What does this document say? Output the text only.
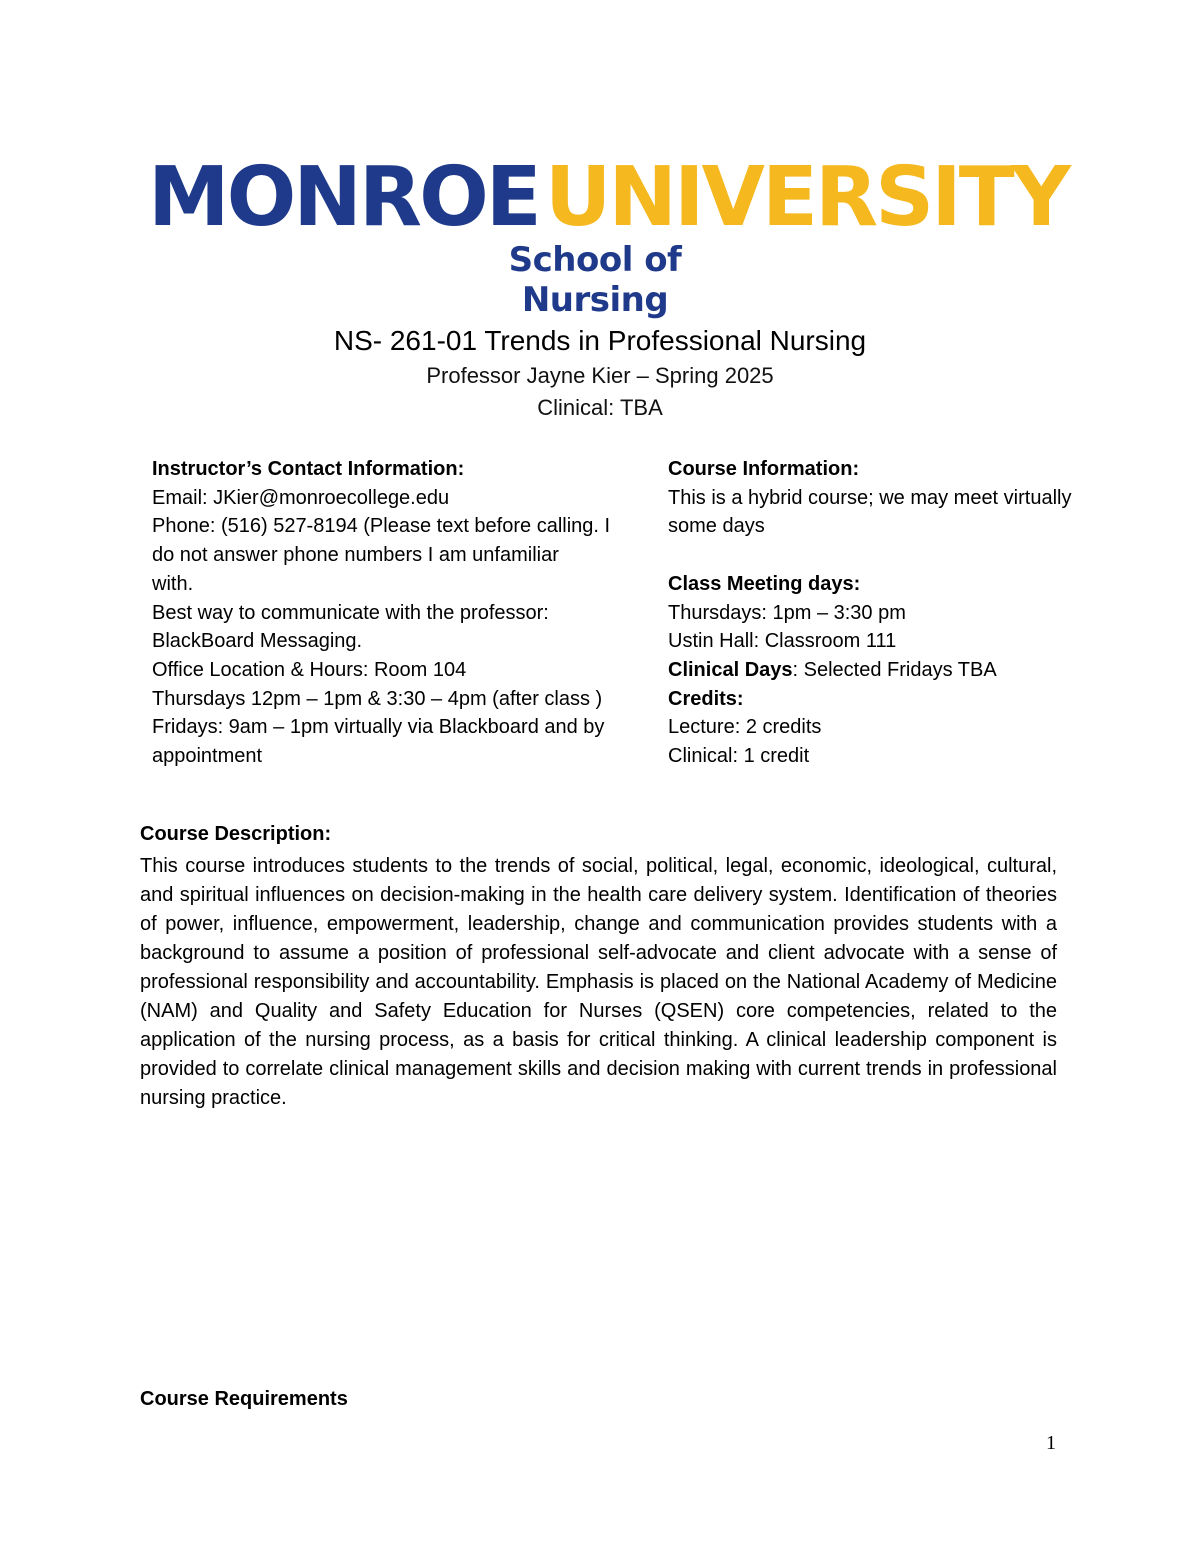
MONROEUNIVERSITY
School of Nursing
NS- 261-01 Trends in Professional Nursing
Professor Jayne Kier – Spring 2025
Clinical: TBA
Instructor’s Contact Information:
Email: JKier@monroecollege.edu
Phone: (516) 527-8194 (Please text before calling. I
do not answer phone numbers I am unfamiliar
with.
Best way to communicate with the professor:
BlackBoard Messaging.
Office Location & Hours: Room 104
Thursdays 12pm – 1pm & 3:30 – 4pm (after class )
Fridays: 9am – 1pm virtually via Blackboard and by
appointment
Course Information:
This is a hybrid course; we may meet virtually
some days
Class Meeting days:
Thursdays: 1pm – 3:30 pm
Ustin Hall: Classroom 111
Clinical Days: Selected Fridays TBA
Credits:
Lecture: 2 credits
Clinical: 1 credit
Course Description:

This course introduces students to the trends of social, political, legal, economic, ideological, cultural, and spiritual influences on decision-making in the health care delivery system. Identification of theories of power, influence, empowerment, leadership, change and communication provides students with a background to assume a position of professional self-advocate and client advocate with a sense of professional responsibility and accountability. Emphasis is placed on the National Academy of Medicine (NAM) and Quality and Safety Education for Nurses (QSEN) core competencies, related to the application of the nursing process, as a basis for critical thinking. A clinical leadership component is provided to correlate clinical management skills and decision making with current trends in professional nursing practice.

Course Requirements
1
